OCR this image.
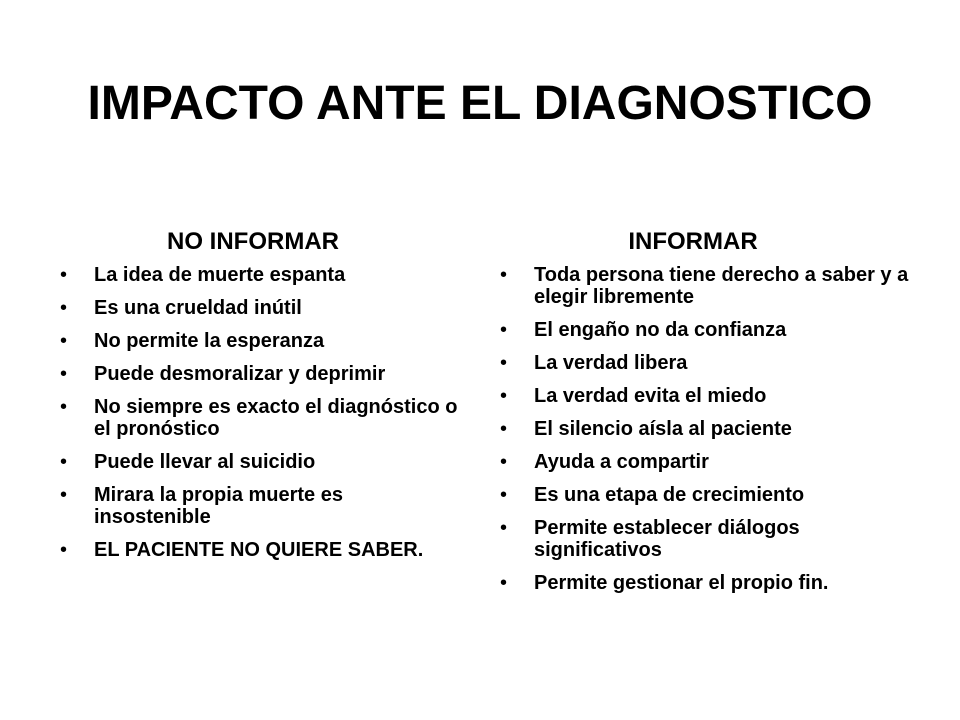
IMPACTO ANTE EL DIAGNOSTICO
NO INFORMAR
• La idea de muerte espanta
• Es una crueldad inútil
• No permite la esperanza
• Puede desmoralizar y deprimir
• No siempre es exacto el diagnóstico o el pronóstico
• Puede llevar al suicidio
• Mirara la propia muerte es insostenible
• EL PACIENTE NO QUIERE SABER.
INFORMAR
• Toda persona tiene derecho a saber y a elegir libremente
• El engaño no da confianza
• La verdad libera
• La verdad evita el miedo
• El silencio aísla al paciente
• Ayuda a compartir
• Es una etapa de crecimiento
• Permite establecer diálogos significativos
• Permite gestionar el propio fin.
